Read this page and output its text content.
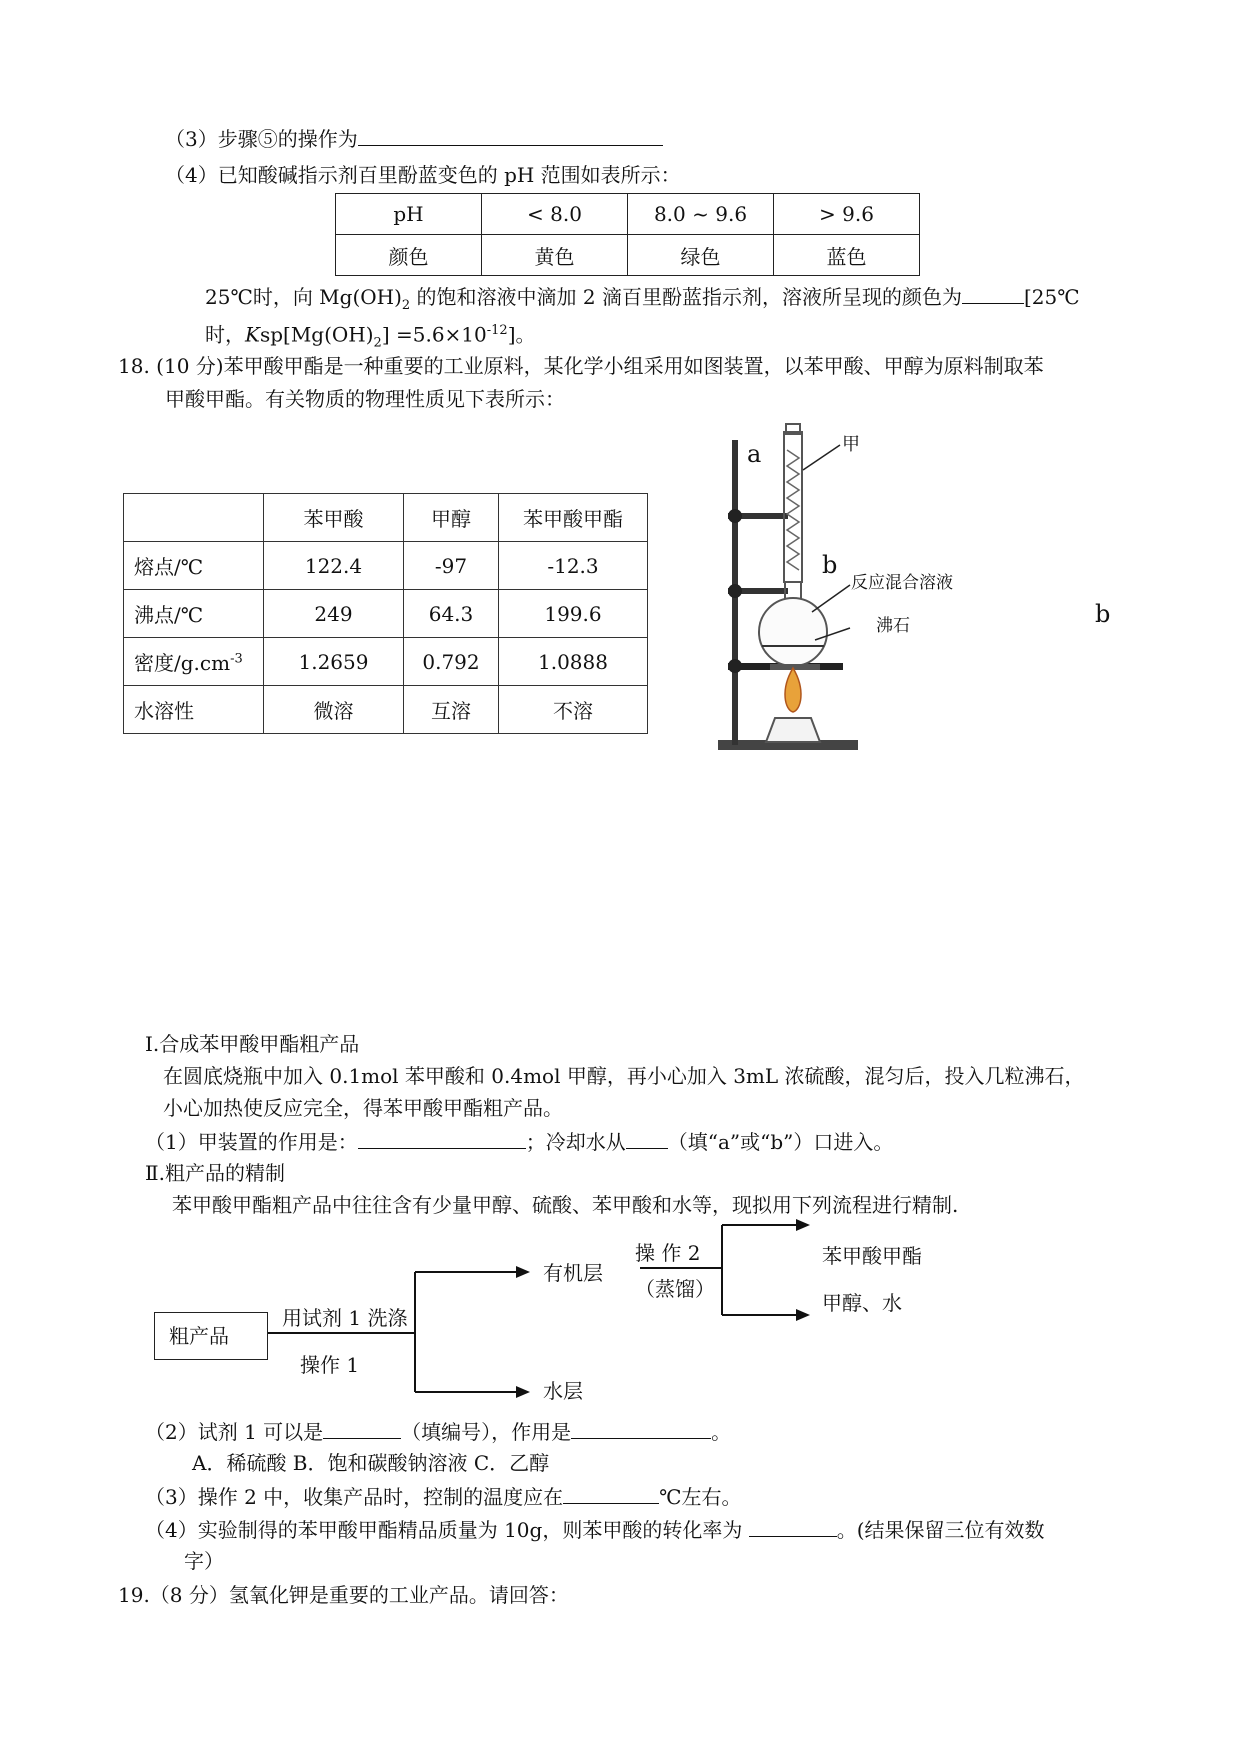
（3）步骤⑤的操作为
（4）已知酸碱指示剂百里酚蓝变色的 pH 范围如表所示：
pH	< 8.0	8.0 ~ 9.6	> 9.6
颜色	黄色	绿色	蓝色
25℃时，向 $Mg(OH)_2$ 的饱和溶液中滴加 2 滴百里酚蓝指示剂，溶液所呈现的颜色为	[25℃
时，$Ksp[Mg(OH)_2] =5.6\times 10^{-12}$]。
18. (10 分)苯甲酸甲酯是一种重要的工业原料，某化学小组采用如图装置，以苯甲酸、甲醇为原料制取苯
甲酸甲酯。有关物质的物理性质见下表所示：
	苯甲酸	甲醇	苯甲酸甲酯
熔点/℃	122.4	-97	-12.3
沸点/℃	249	64.3	199.6
密度$/g.cm^{-3}$	1.2659	0.792	1.0888
水溶性	微溶	互溶	不溶
a	甲
b
反应混合溶液
沸石	b
Ⅰ.合成苯甲酸甲酯粗产品
在圆底烧瓶中加入 0.1mol 苯甲酸和 0.4mol 甲醇，再小心加入 3mL 浓硫酸，混匀后，投入几粒沸石，
小心加热使反应完全，得苯甲酸甲酯粗产品。
（1）甲装置的作用是：	；冷却水从 （填“a”或“b”）口进入。
Ⅱ.粗产品的精制
苯甲酸甲酯粗产品中往往含有少量甲醇、硫酸、苯甲酸和水等，现拟用下列流程进行精制.
粗产品
用试剂 1 洗涤
操作 1
有机层
水层
操 作 2
（蒸馏）
苯甲酸甲酯
甲醇、水
（2）试剂 1 可以是	（填编号），作用是	。
A．稀硫酸 B．饱和碳酸钠溶液 C．乙醇
（3）操作 2 中，收集产品时，控制的温度应在	℃左右。
（4）实验制得的苯甲酸甲酯精品质量为 10g，则苯甲酸的转化率为	。(结果保留三位有效数
字）
19.（8 分）氢氧化钾是重要的工业产品。请回答：
